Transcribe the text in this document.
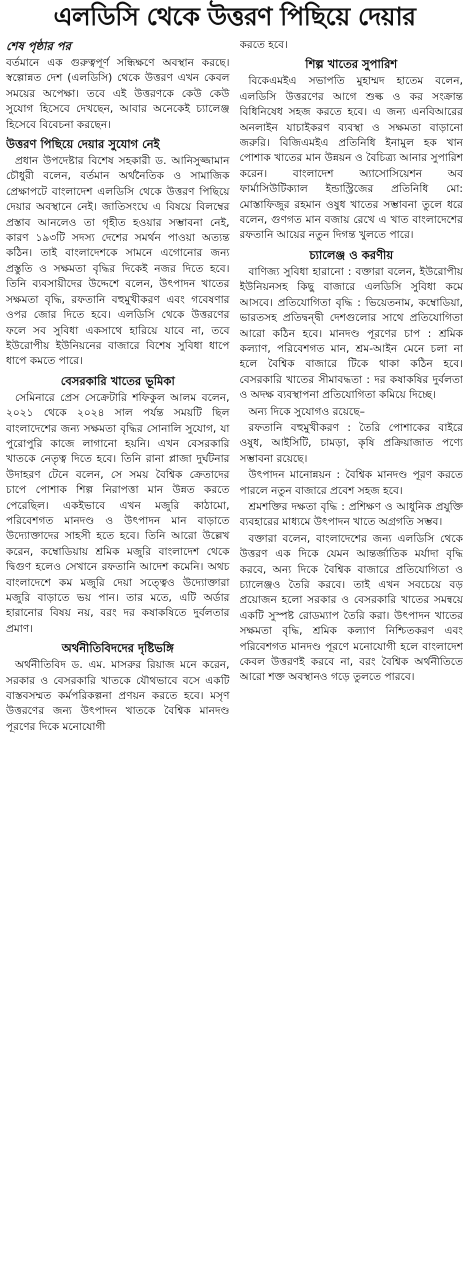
এলডিসি থেকে উত্তরণ পিছিয়ে দেয়ার
শেষ পৃষ্ঠার পর

বর্তমানে এক গুরুত্বপূর্ণ সন্ধিক্ষণে অবস্থান করছে। স্বল্পোন্নত দেশ (এলডিসি) থেকে উত্তরণ এখন কেবল সময়ের অপেক্ষা। তবে এই উত্তরণকে কেউ কেউ সুযোগ হিসেবে দেখছেন, আবার অনেকেই চ্যালেঞ্জ হিসেবে বিবেচনা করছেন।

উত্তরণ পিছিয়ে দেয়ার সুযোগ নেই

প্রধান উপদেষ্টার বিশেষ সহকারী ড. আনিসুজ্জামান চৌধুরী বলেন, বর্তমান অর্থনৈতিক ও সামাজিক প্রেক্ষাপটে বাংলাদেশ এলডিসি থেকে উত্তরণ পিছিয়ে দেয়ার অবস্থানে নেই। জাতিসংঘে এ বিষয়ে বিলম্বের প্রস্তাব আনলেও তা গৃহীত হওয়ার সম্ভাবনা নেই, কারণ ১৯৩টি সদস্য দেশের সমর্থন পাওয়া অত্যন্ত কঠিন। তাই বাংলাদেশকে সামনে এগোনোর জন্য প্রস্তুতি ও সক্ষমতা বৃদ্ধির দিকেই নজর দিতে হবে। তিনি ব্যবসায়ীদের উদ্দেশে বলেন, উৎপাদন খাতের সক্ষমতা বৃদ্ধি, রফতানি বহুমুখীকরণ এবং গবেষণার ওপর জোর দিতে হবে। এলডিসি থেকে উত্তরণের ফলে সব সুবিধা একসাথে হারিয়ে যাবে না, তবে ইউরোপীয় ইউনিয়নের বাজারে বিশেষ সুবিধা ধাপে ধাপে কমতে পারে।

বেসরকারি খাতের ভূমিকা

সেমিনারে প্রেস সেক্রেটারি শফিকুল আলম বলেন, ২০২১ থেকে ২০২৪ সাল পর্যন্ত সময়টি ছিল বাংলাদেশের জন্য সক্ষমতা বৃদ্ধির সোনালি সুযোগ, যা পুরোপুরি কাজে লাগানো হয়নি। এখন বেসরকারি খাতকে নেতৃত্ব দিতে হবে। তিনি রানা প্লাজা দুর্ঘটনার উদাহরণ টেনে বলেন, সে সময় বৈশ্বিক ক্রেতাদের চাপে পোশাক শিল্প নিরাপত্তা মান উন্নত করতে পেরেছিল। একইভাবে এখন মজুরি কাঠামো, পরিবেশগত মানদণ্ড ও উৎপাদন মান বাড়াতে উদ্যোক্তাদের সাহসী হতে হবে। তিনি আরো উল্লেখ করেন, কম্বোডিয়ায় শ্রমিক মজুরি বাংলাদেশ থেকে দ্বিগুণ হলেও সেখানে রফতানি আদেশ কমেনি। অথচ বাংলাদেশে কম মজুরি দেয়া সত্ত্বেও উদ্যোক্তারা মজুরি বাড়াতে ভয় পান। তার মতে, এটি অর্ডার হারানোর বিষয় নয়, বরং দর কষাকষিতে দুর্বলতার প্রমাণ।

অর্থনীতিবিদদের দৃষ্টিভঙ্গি

অর্থনীতিবিদ ড. এম. মাসরুর রিয়াজ মনে করেন, সরকার ও বেসরকারি খাতকে যৌথভাবে বসে একটি বাস্তবসম্মত কর্মপরিকল্পনা প্রণয়ন করতে হবে। মসৃণ উত্তরণের জন্য উৎপাদন খাতকে বৈশ্বিক মানদণ্ড পূরণের দিকে মনোযোগী

করতে হবে।

শিল্প খাতের সুপারিশ

বিকেএমইএ সভাপতি মুহাম্মদ হাতেম বলেন, এলডিসি উত্তরণের আগে শুল্ক ও কর সংক্রান্ত বিধিনিষেধ সহজ করতে হবে। এ জন্য এনবিআরের অনলাইন যাচাইকরণ ব্যবস্থা ও সক্ষমতা বাড়ানো জরুরি। বিজিএমইএ প্রতিনিধি ইনামুল হক খান পোশাক খাতের মান উন্নয়ন ও বৈচিত্র্য আনার সুপারিশ করেন। বাংলাদেশ অ্যাসোসিয়েশন অব ফার্মাসিউটিক্যাল ইন্ডাস্ট্রিজের প্রতিনিধি মো: মোস্তাফিজুর রহমান ওষুধ খাতের সম্ভাবনা তুলে ধরে বলেন, গুণগত মান বজায় রেখে এ খাত বাংলাদেশের রফতানি আয়ের নতুন দিগন্ত খুলতে পারে।

চ্যালেঞ্জ ও করণীয়

বাণিজ্য সুবিধা হারানো : বক্তারা বলেন, ইউরোপীয় ইউনিয়নসহ কিছু বাজারে এলডিসি সুবিধা কমে আসবে। প্রতিযোগিতা বৃদ্ধি : ভিয়েতনাম, কম্বোডিয়া, ভারতসহ প্রতিদ্বন্দ্বী দেশগুলোর সাথে প্রতিযোগিতা আরো কঠিন হবে। মানদণ্ড পূরণের চাপ : শ্রমিক কল্যাণ, পরিবেশগত মান, শ্রম-আইন মেনে চলা না হলে বৈশ্বিক বাজারে টিকে থাকা কঠিন হবে। বেসরকারি খাতের সীমাবদ্ধতা : দর কষাকষির দুর্বলতা ও অদক্ষ ব্যবস্থাপনা প্রতিযোগিতা কমিয়ে দিচ্ছে।

অন্য দিকে সুযোগও রয়েছে–

রফতানি বহুমুখীকরণ : তৈরি পোশাকের বাইরে ওষুধ, আইসিটি, চামড়া, কৃষি প্রক্রিয়াজাত পণ্যে সম্ভাবনা রয়েছে।

উৎপাদন মানোন্নয়ন : বৈশ্বিক মানদণ্ড পূরণ করতে পারলে নতুন বাজারে প্রবেশ সহজ হবে।

শ্রমশক্তির দক্ষতা বৃদ্ধি : প্রশিক্ষণ ও আধুনিক প্রযুক্তি ব্যবহারের মাধ্যমে উৎপাদন খাতে অগ্রগতি সম্ভব।

বক্তারা বলেন, বাংলাদেশের জন্য এলডিসি থেকে উত্তরণ এক দিকে যেমন আন্তর্জাতিক মর্যাদা বৃদ্ধি করবে, অন্য দিকে বৈশ্বিক বাজারে প্রতিযোগিতা ও চ্যালেঞ্জও তৈরি করবে। তাই এখন সবচেয়ে বড় প্রয়োজন হলো সরকার ও বেসরকারি খাতের সমন্বয়ে একটি সুস্পষ্ট রোডম্যাপ তৈরি করা। উৎপাদন খাতের সক্ষমতা বৃদ্ধি, শ্রমিক কল্যাণ নিশ্চিতকরণ এবং পরিবেশগত মানদণ্ড পূরণে মনোযোগী হলে বাংলাদেশ কেবল উত্তরণই করবে না, বরং বৈশ্বিক অর্থনীতিতে আরো শক্ত অবস্থানও গড়ে তুলতে পারবে।
